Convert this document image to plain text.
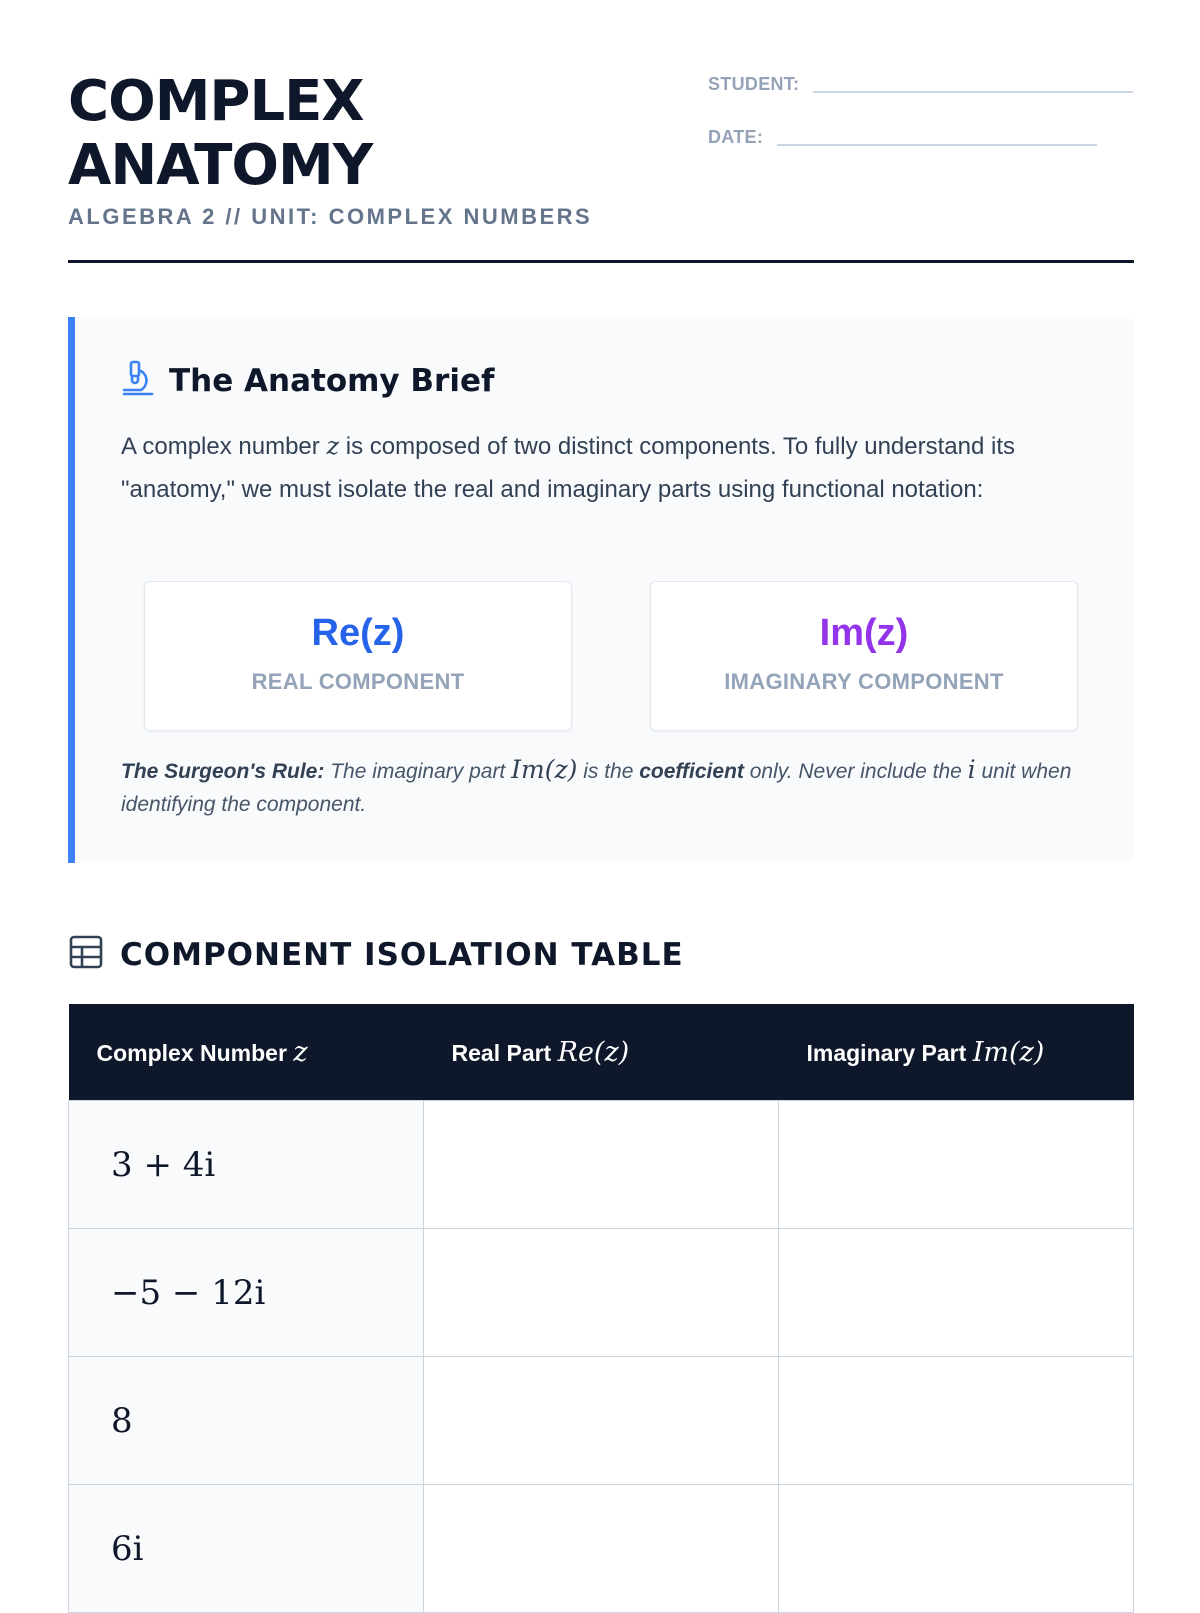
COMPLEX
ANATOMY
ALGEBRA 2 // UNIT: COMPLEX NUMBERS
STUDENT:
DATE:
The Anatomy Brief
A complex number z is composed of two distinct components. To fully understand its "anatomy," we must isolate the real and imaginary parts using functional notation:
Re(z)
REAL COMPONENT
Im(z)
IMAGINARY COMPONENT
The Surgeon's Rule: The imaginary part Im(z) is the coefficient only. Never include the i unit when identifying the component.
COMPONENT ISOLATION TABLE
Complex Number z	Real Part Re(z)	Imaginary Part Im(z)
3 + 4i		
−5 − 12i		
8		
6i		
